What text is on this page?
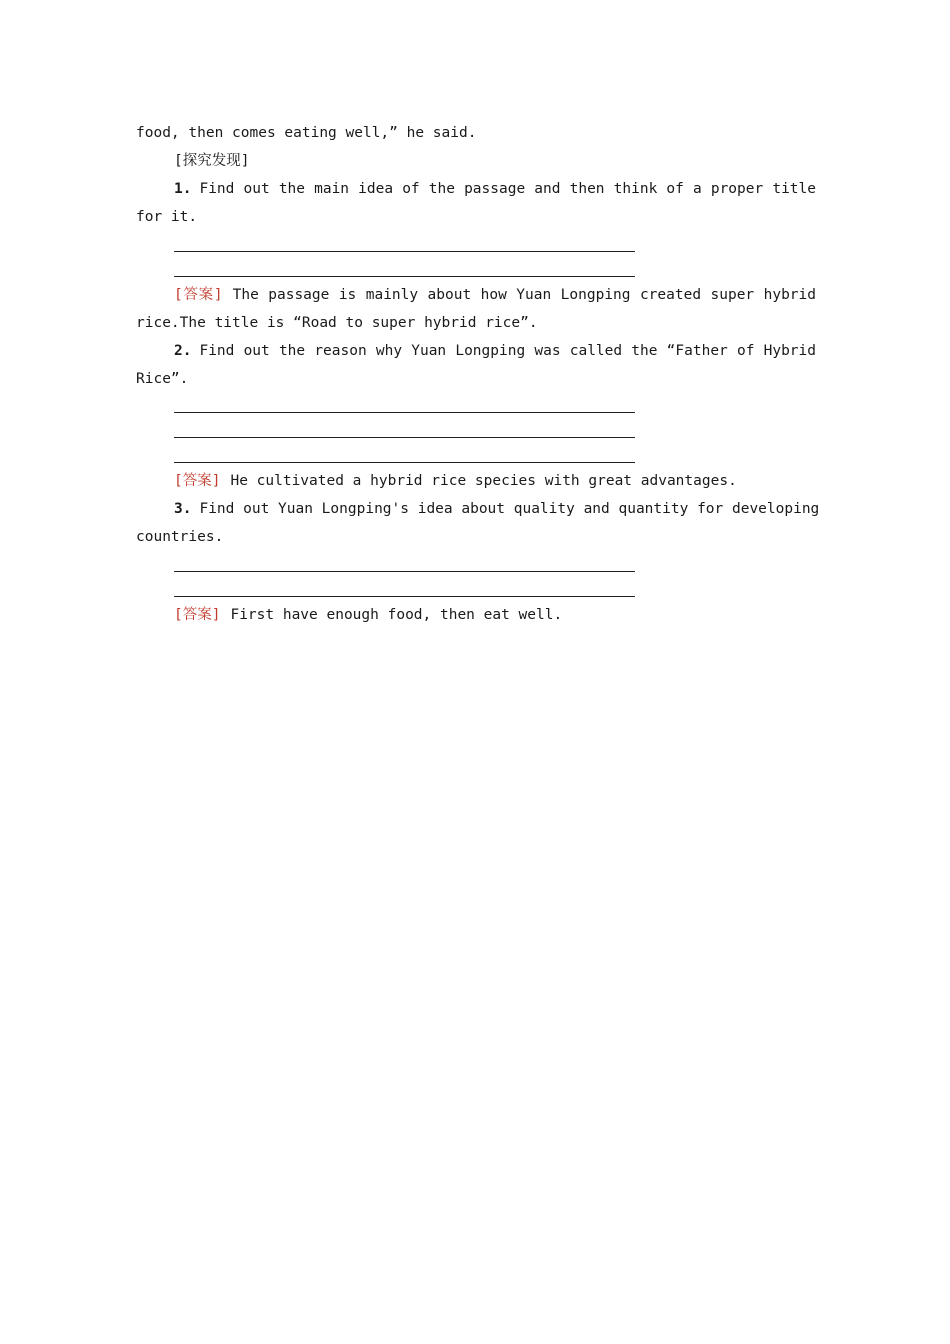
food, then comes eating well,” he said.
[探究发现]
1. Find out the main idea of the passage and then think of a proper title
for it.
[答案] The passage is mainly about how Yuan Longping created super hybrid
rice.The title is “Road to super hybrid rice”.
2. Find out the reason why Yuan Longping was called the “Father of Hybrid
Rice”.
[答案] He cultivated a hybrid rice species with great advantages.
3. Find out Yuan Longping's idea about quality and quantity for developing
countries.
[答案] First have enough food, then eat well.
